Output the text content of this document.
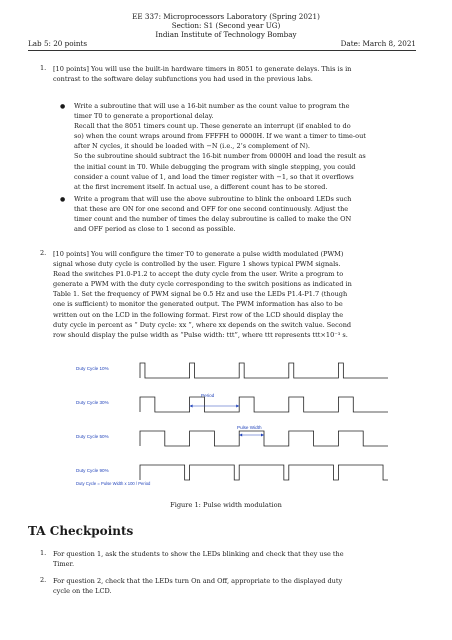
EE 337: Microprocessors Laboratory (Spring 2021)
Section: S1 (Second year UG)
Indian Institute of Technology Bombay
Lab 5: 20 points	Date: March 8, 2021
1. [10 points] You will use the built-in hardware timers in 8051 to generate delays. This is in
contrast to the software delay subfunctions you had used in the previous labs.
● Write a subroutine that will use a 16-bit number as the count value to program the
timer T0 to generate a proportional delay.
Recall that the 8051 timers count up. These generate an interrupt (if enabled to do
so) when the count wraps around from FFFFH to 0000H. If we want a timer to time-out
after N cycles, it should be loaded with −N (i.e., 2’s complement of N).
So the subroutine should subtract the 16-bit number from 0000H and load the result as
the initial count in T0. While debugging the program with single stepping, you could
consider a count value of 1, and load the timer register with −1, so that it overflows
at the first increment itself. In actual use, a different count has to be stored.
● Write a program that will use the above subroutine to blink the onboard LEDs such
that these are ON for one second and OFF for one second continuously. Adjust the
timer count and the number of times the delay subroutine is called to make the ON
and OFF period as close to 1 second as possible.
2. [10 points] You will configure the timer T0 to generate a pulse width modulated (PWM)
signal whose duty cycle is controlled by the user. Figure 1 shows typical PWM signals.
Read the switches P1.0-P1.2 to accept the duty cycle from the user. Write a program to
generate a PWM with the duty cycle corresponding to the switch positions as indicated in
Table 1. Set the frequency of PWM signal be 0.5 Hz and use the LEDs P1.4-P1.7 (though
one is sufficient) to monitor the generated output. The PWM information has also to be
written out on the LCD in the following format. First row of the LCD should display the
duty cycle in percent as “ Duty cycle: xx ”, where xx depends on the switch value. Second
row should display the pulse width as “Pulse width: ttt”, where ttt represents ttt×10⁻³ s.
Duty Cycle 10%
Duty Cycle 30%
Duty Cycle 50%
Duty Cycle 90%
Period
Pulse Width
Duty Cycle = Pulse Width x 100 / Period
Figure 1: Pulse width modulation
TA Checkpoints
1. For question 1, ask the students to show the LEDs blinking and check that they use the
Timer.
2. For question 2, check that the LEDs turn On and Off, appropriate to the displayed duty
cycle on the LCD.
